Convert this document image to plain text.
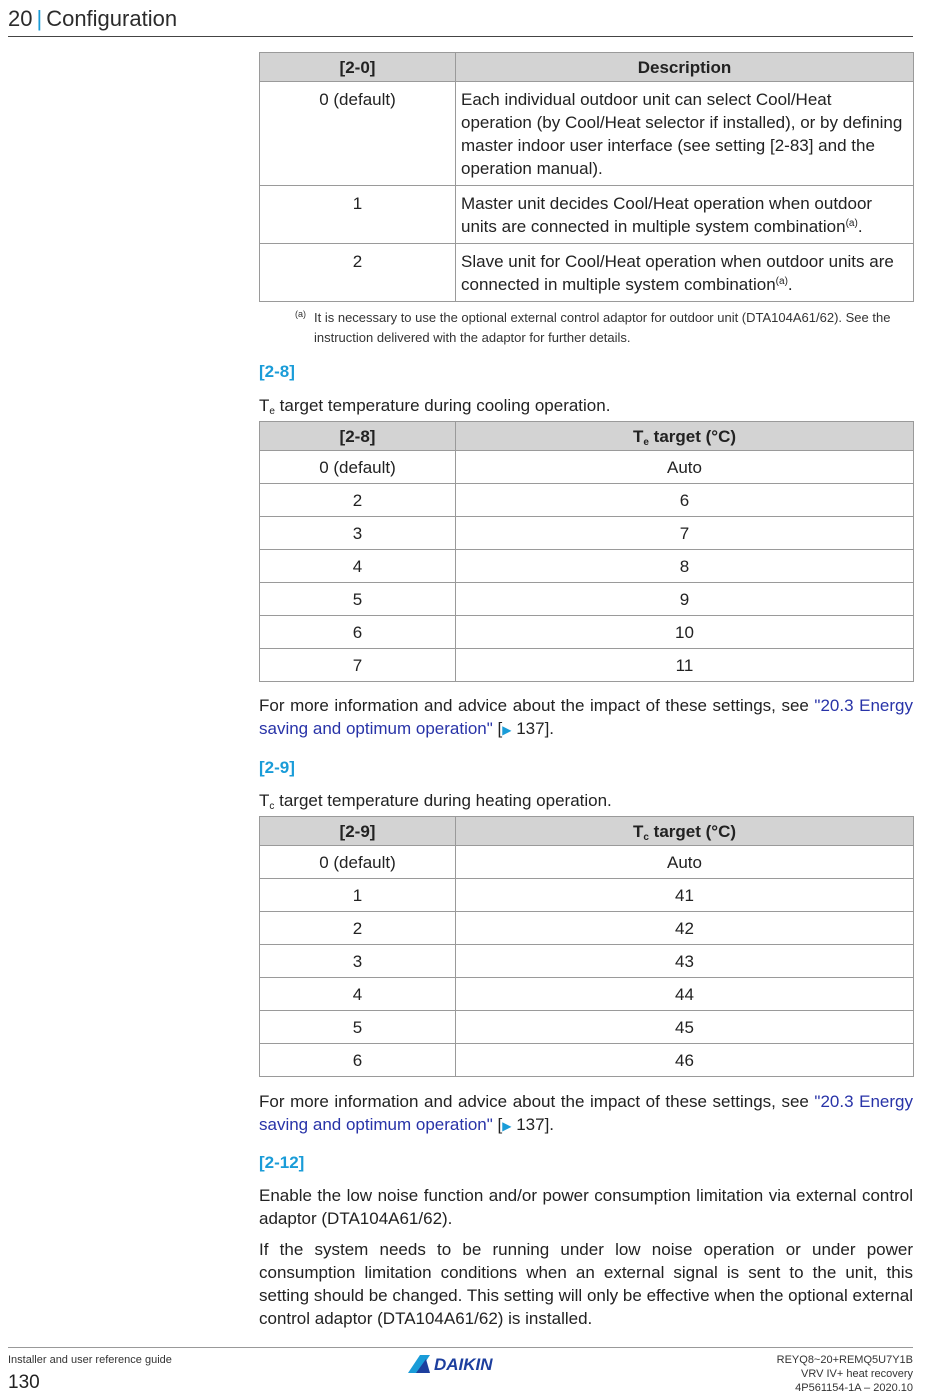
20 | Configuration
[2-0]	Description
0 (default)	Each individual outdoor unit can select Cool/Heat operation (by Cool/Heat selector if installed), or by defining master indoor user interface (see setting [2-83] and the operation manual).
1	Master unit decides Cool/Heat operation when outdoor units are connected in multiple system combination$^{(a)}$.
2	Slave unit for Cool/Heat operation when outdoor units are connected in multiple system combination$^{(a)}$.
(a) It is necessary to use the optional external control adaptor for outdoor unit (DTA104A61/62). See the instruction delivered with the adaptor for further details.
[2-8]
$T_e$ target temperature during cooling operation.
[2-8]	$T_e$ target (°C)
0 (default)	Auto
2	6
3	7
4	8
5	9
6	10
7	11
For more information and advice about the impact of these settings, see "20.3 Energy saving and optimum operation" [▶ 137].
[2-9]
$T_c$ target temperature during heating operation.
[2-9]	$T_c$ target (°C)
0 (default)	Auto
1	41
2	42
3	43
4	44
5	45
6	46
For more information and advice about the impact of these settings, see "20.3 Energy saving and optimum operation" [▶ 137].
[2-12]
Enable the low noise function and/or power consumption limitation via external control adaptor (DTA104A61/62).
If the system needs to be running under low noise operation or under power consumption limitation conditions when an external signal is sent to the unit, this setting should be changed. This setting will only be effective when the optional external control adaptor (DTA104A61/62) is installed.
Installer and user reference guide
130
DAIKIN	REYQ8~20+REMQ5U7Y1B
VRV IV+ heat recovery
4P561154-1A – 2020.10
